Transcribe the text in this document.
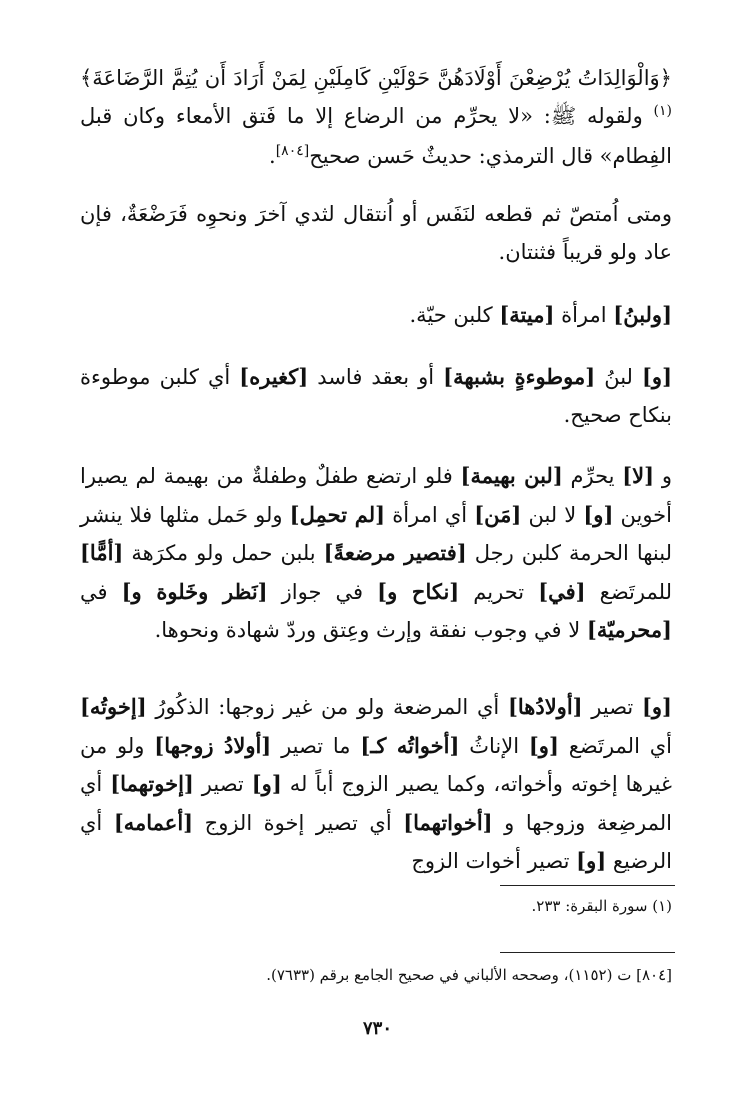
﴿وَالْوَالِدَاتُ يُرْضِعْنَ أَوْلَادَهُنَّ حَوْلَيْنِ كَامِلَيْنِ لِمَنْ أَرَادَ أَن يُتِمَّ الرَّضَاعَةَ﴾$^{(١)}$ ولقوله ﷺ: «لا يحرِّم من الرضاع إلا ما فَتق الأمعاء وكان قبل الفِطام» قال الترمذي: حديثٌ حَسن صحيح[٨٠٤].

ومتى اُمتصّ ثم قطعه لنَفَس أو اُنتقال لثدي آخرَ ونحوِه فَرَضْعَةٌ، فإن عاد ولو قريباً فثنتان.

[ولبنُ] امرأة [ميتة] كلبن حيّة.

[و] لبنُ [موطوءةٍ بشبهة] أو بعقد فاسد [كغيره] أي كلبن موطوءة بنكاح صحيح.

و [لا] يحرِّم [لبن بهيمة] فلو ارتضع طفلٌ وطفلةٌ من بهيمة لم يصيرا أخوين [و] لا لبن [مَن] أي امرأة [لم تحمِل] ولو حَمل مثلها فلا ينشر لبنها الحرمة كلبن رجل [فتصير مرضعةً] بلبن حمل ولو مكرَهة [أمًّا] للمرتَضع [في] تحريم [نكاح و] في جواز [نَظر وخَلوة و] في [محرميّة] لا في وجوب نفقة وإرث وعِتق وردّ شهادة ونحوها.

[و] تصير [أولادُها] أي المرضعة ولو من غير زوجها: الذكُورُ [إخوتُه] أي المرتَضع [و] الإناثُ [أخواتُه كـ] ما تصير [أولادُ زوجها] ولو من غيرها إخوته وأخواته، وكما يصير الزوج أباً له [و] تصير [إخوتهما] أي المرضِعة وزوجها و [أخواتهما] أي تصير إخوة الزوج [أعمامه] أي الرضيع [و] تصير أخوات الزوج

(١) سورة البقرة: ٢٣٣.
[٨٠٤] ت (١١٥٢)، وصححه الألباني في صحيح الجامع برقم (٧٦٣٣).
٧٣٠
